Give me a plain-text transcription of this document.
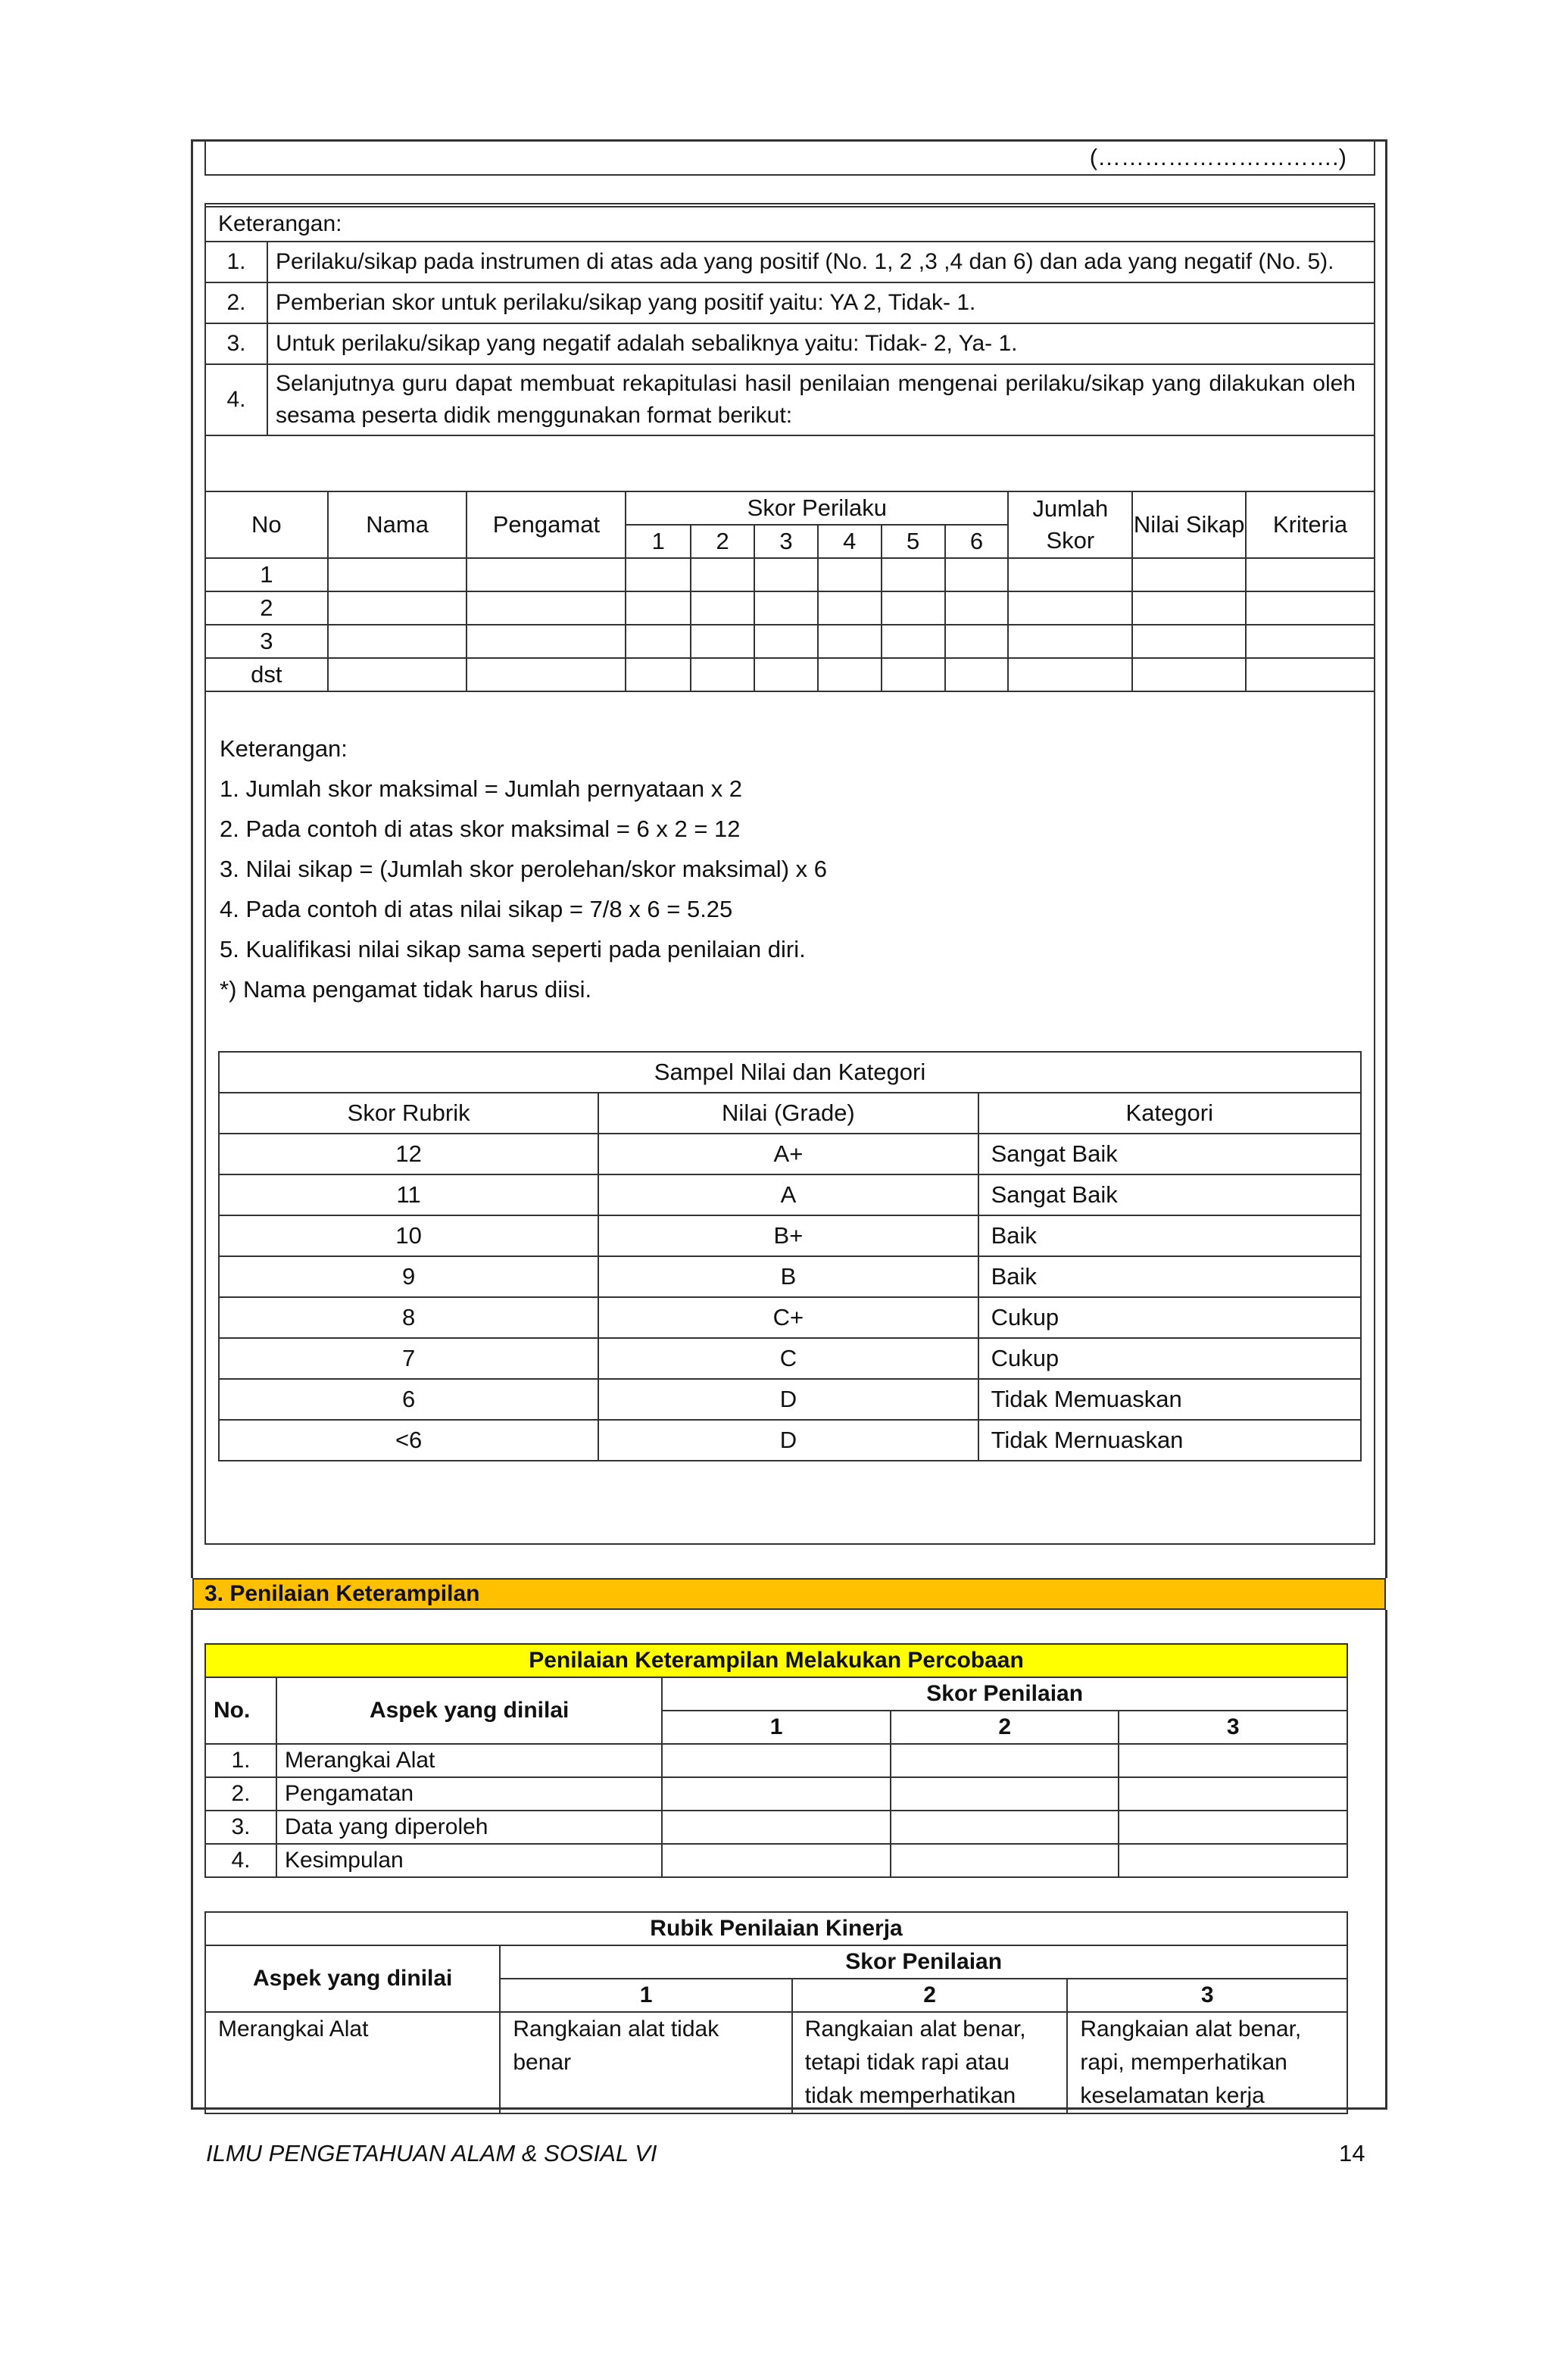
(………………………….)
Keterangan:	
1.	Perilaku/sikap pada instrumen di atas ada yang positif (No. 1, 2 ,3 ,4 dan 6) dan ada yang negatif (No. 5).
2.	Pemberian skor untuk perilaku/sikap yang positif yaitu: YA 2, Tidak- 1.
3.	Untuk perilaku/sikap yang negatif adalah sebaliknya yaitu: Tidak- 2, Ya- 1.
4.	Selanjutnya guru dapat membuat rekapitulasi hasil penilaian mengenai perilaku/sikap yang dilakukan oleh sesama peserta didik menggunakan format berikut:
No	Nama	Pengamat	Skor Perilaku						Jumlah Skor	Nilai Sikap	Kriteria
			1	2	3	4	5	6			
1											
2											
3											
dst											
Keterangan:
1. Jumlah skor maksimal = Jumlah pernyataan x 2
2. Pada contoh di atas skor maksimal = 6 x 2 = 12
3. Nilai sikap = (Jumlah skor perolehan/skor maksimal) x 6
4. Pada contoh di atas nilai sikap = 7/8 x 6 = 5.25
5. Kualifikasi nilai sikap sama seperti pada penilaian diri.
*) Nama pengamat tidak harus diisi.
Sampel Nilai dan Kategori		
Skor Rubrik	Nilai (Grade)	Kategori
12	A+	Sangat Baik
11	A	Sangat Baik
10	B+	Baik
9	B	Baik
8	C+	Cukup
7	C	Cukup
6	D	Tidak Memuaskan
<6	D	Tidak Mernuaskan
3. Penilaian Keterampilan
Penilaian Keterampilan Melakukan Percobaan				
No.	Aspek yang dinilai	Skor Penilaian		
		1	2	3
1.	Merangkai Alat			
2.	Pengamatan			
3.	Data yang diperoleh			
4.	Kesimpulan			
Rubik Penilaian Kinerja			
Aspek yang dinilai	Skor Penilaian		
	1	2	3
Merangkai Alat	Rangkaian alat tidak benar	Rangkaian alat benar, tetapi tidak rapi atau tidak memperhatikan	Rangkaian alat benar, rapi, memperhatikan keselamatan kerja
ILMU PENGETAHUAN ALAM & SOSIAL VI	14
